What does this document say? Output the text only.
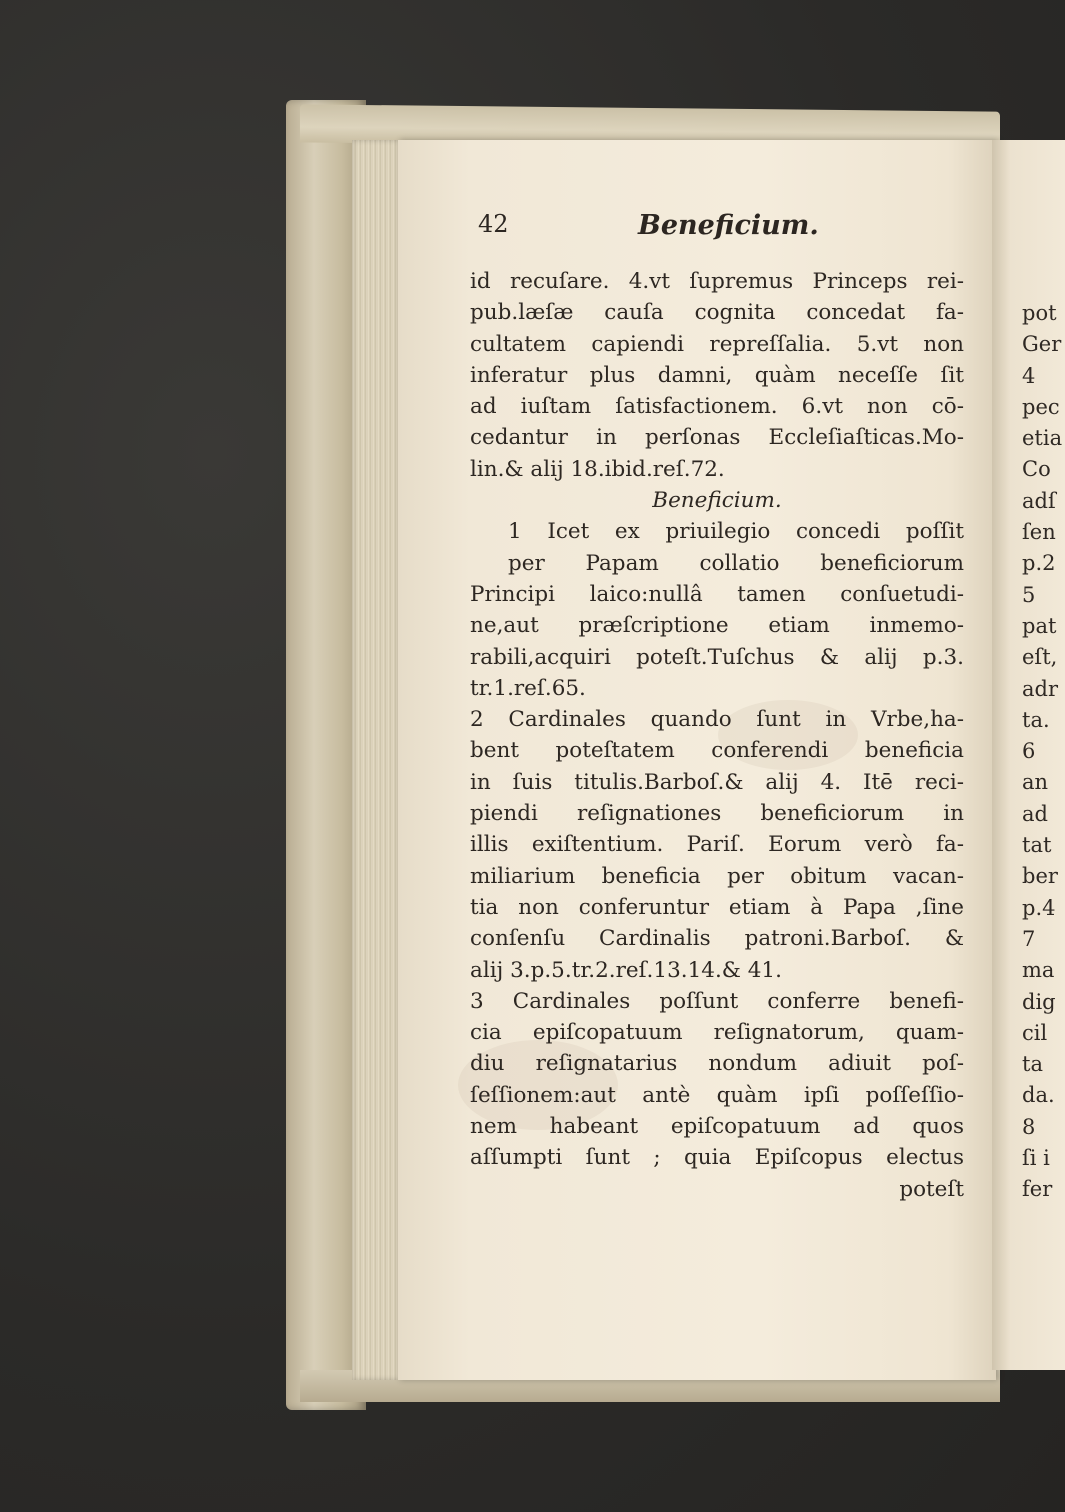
pot
Ger
4
pec
etia
Co
adſ
ſen
p.2
5
pat
eſt,
adr
ta.
6
an
ad
tat
ber
p.4
7
ma
dig
cil
ta
da.
8
ſi i
fer
42	Beneficium.
id recuſare. 4.vt ſupremus Princeps rei-
pub.læſæ cauſa cognita concedat fa-
cultatem capiendi repreſſalia. 5.vt non
inferatur plus damni, quàm neceſſe ſit
ad iuſtam ſatisfactionem. 6.vt non cō-
cedantur in perſonas Eccleſiaſticas.Mo-
lin.& alij 18.ibid.reſ.72.
Beneficium.
1 Icet ex priuilegio concedi poſſit
per Papam collatio beneficiorum
Principi laico:nullâ tamen conſuetudi-
ne,aut præſcriptione etiam inmemo-
rabili,acquiri poteſt.Tuſchus & alij p.3.
tr.1.reſ.65.
2 Cardinales quando ſunt in Vrbe,ha-
bent poteſtatem conferendi beneficia
in ſuis titulis.Barboſ.& alij 4. Itē reci-
piendi reſignationes beneficiorum in
illis exiſtentium. Pariſ. Eorum verò fa-
miliarium beneficia per obitum vacan-
tia non conferuntur etiam à Papa ,ſine
conſenſu Cardinalis patroni.Barboſ. &
alij 3.p.5.tr.2.reſ.13.14.& 41.
3 Cardinales poſſunt conferre benefi-
cia epiſcopatuum reſignatorum, quam-
diu reſignatarius nondum adiuit poſ-
ſeſſionem:aut antè quàm ipſi poſſeſſio-
nem habeant epiſcopatuum ad quos
aſſumpti ſunt ; quia Epiſcopus electus
poteſt
